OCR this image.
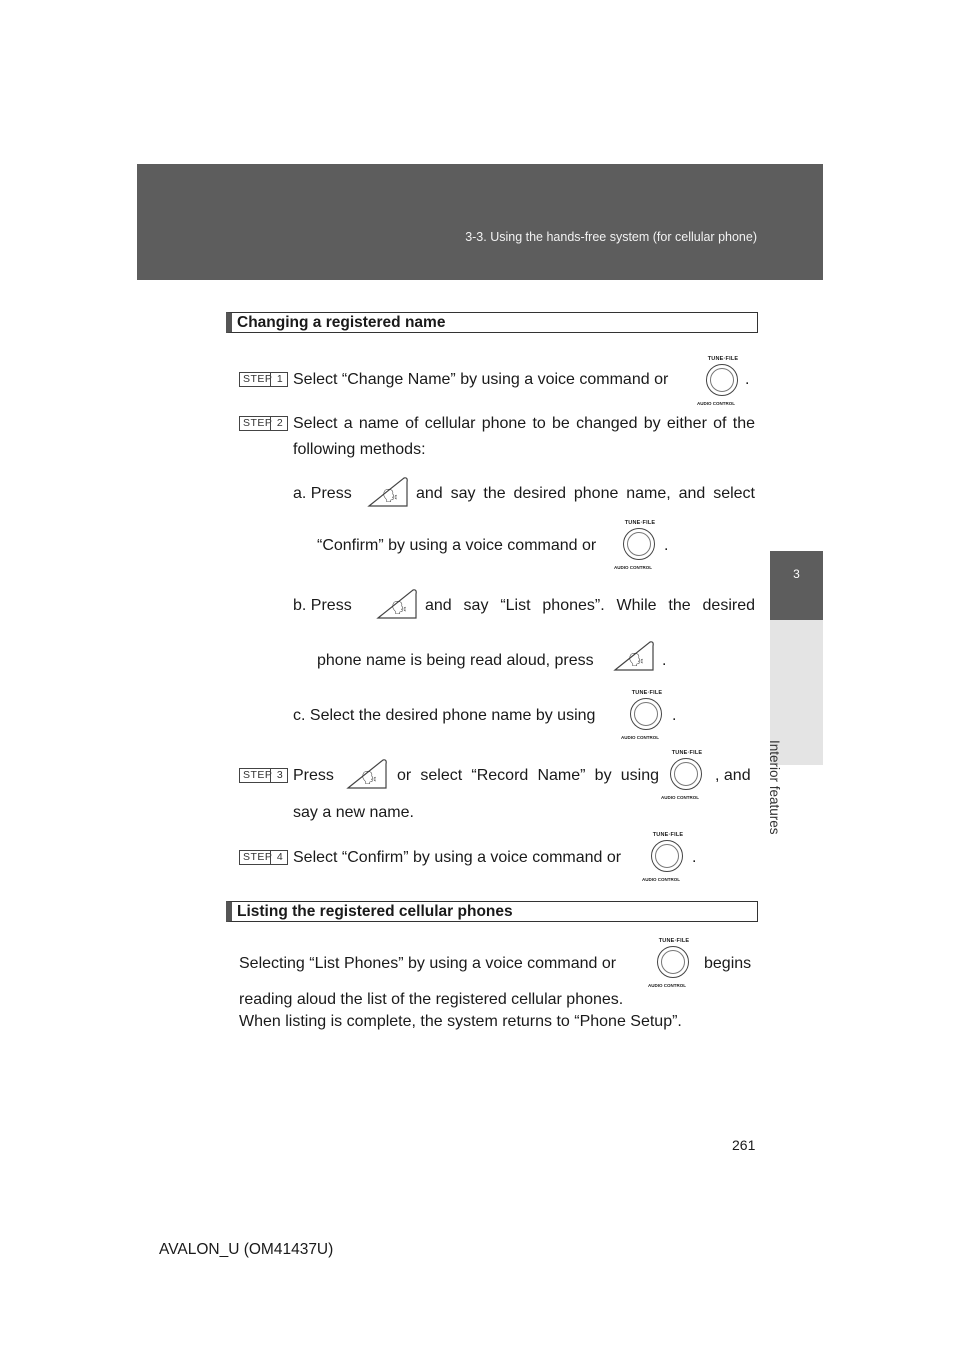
3-3. Using the hands-free system (for cellular phone)
3
Interior features
Changing a registered name
STEP 1 Select “Change Name” by using a voice command or
TUNE·FILE
AUDIO CONTROL
.
STEP 2 Select a name of cellular phone to be changed by either of the
following methods:
a. Press 🗣 and say the desired phone name, and select
“Confirm” by using a voice command or
TUNE·FILE
AUDIO CONTROL
.
b. Press	🗣 and say “List phones”. While the desired
phone name is being read aloud, press	🗣 .
c. Select the desired phone name by using
TUNE·FILE
AUDIO CONTROL
.
STEP 3 Press 🗣 or select “Record Name” by using
TUNE·FILE
AUDIO CONTROL
, and
say a new name.
STEP 4 Select “Confirm” by using a voice command or
TUNE·FILE
AUDIO CONTROL
.
Listing the registered cellular phones
Selecting “List Phones” by using a voice command or
TUNE·FILE
AUDIO CONTROL
begins
reading aloud the list of the registered cellular phones.
When listing is complete, the system returns to “Phone Setup”.
261
AVALON_U (OM41437U)
